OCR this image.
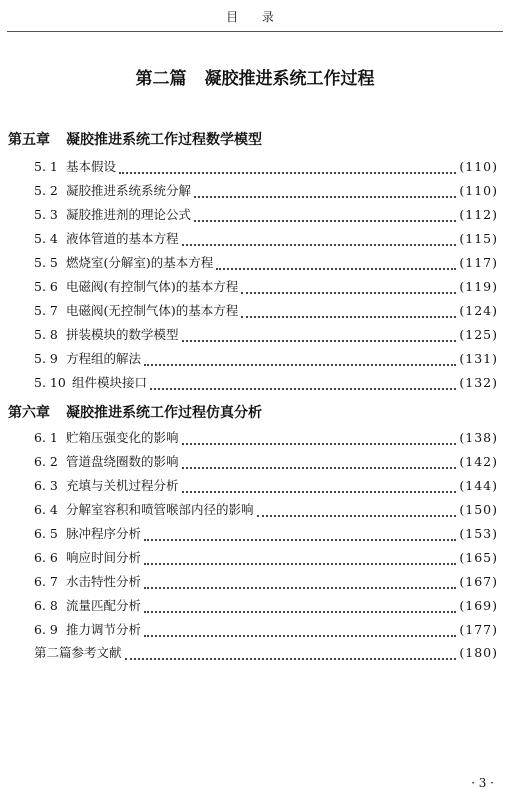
目 录
第二篇 凝胶推进系统工作过程
第五章 凝胶推进系统工作过程数学模型
5. 1 基本假设	(110)
5. 2 凝胶推进系统系统分解	(110)
5. 3 凝胶推进剂的理论公式	(112)
5. 4 液体管道的基本方程	(115)
5. 5 燃烧室(分解室)的基本方程	(117)
5. 6 电磁阀(有控制气体)的基本方程	(119)
5. 7 电磁阀(无控制气体)的基本方程	(124)
5. 8 拼装模块的数学模型	(125)
5. 9 方程组的解法	(131)
5. 10 组件模块接口	(132)
第六章 凝胶推进系统工作过程仿真分析
6. 1 贮箱压强变化的影响	(138)
6. 2 管道盘绕圈数的影响	(142)
6. 3 充填与关机过程分析	(144)
6. 4 分解室容积和喷管喉部内径的影响	(150)
6. 5 脉冲程序分析	(153)
6. 6 响应时间分析	(165)
6. 7 水击特性分析	(167)
6. 8 流量匹配分析	(169)
6. 9 推力调节分析	(177)
第二篇参考文献	(180)
· 3 ·
